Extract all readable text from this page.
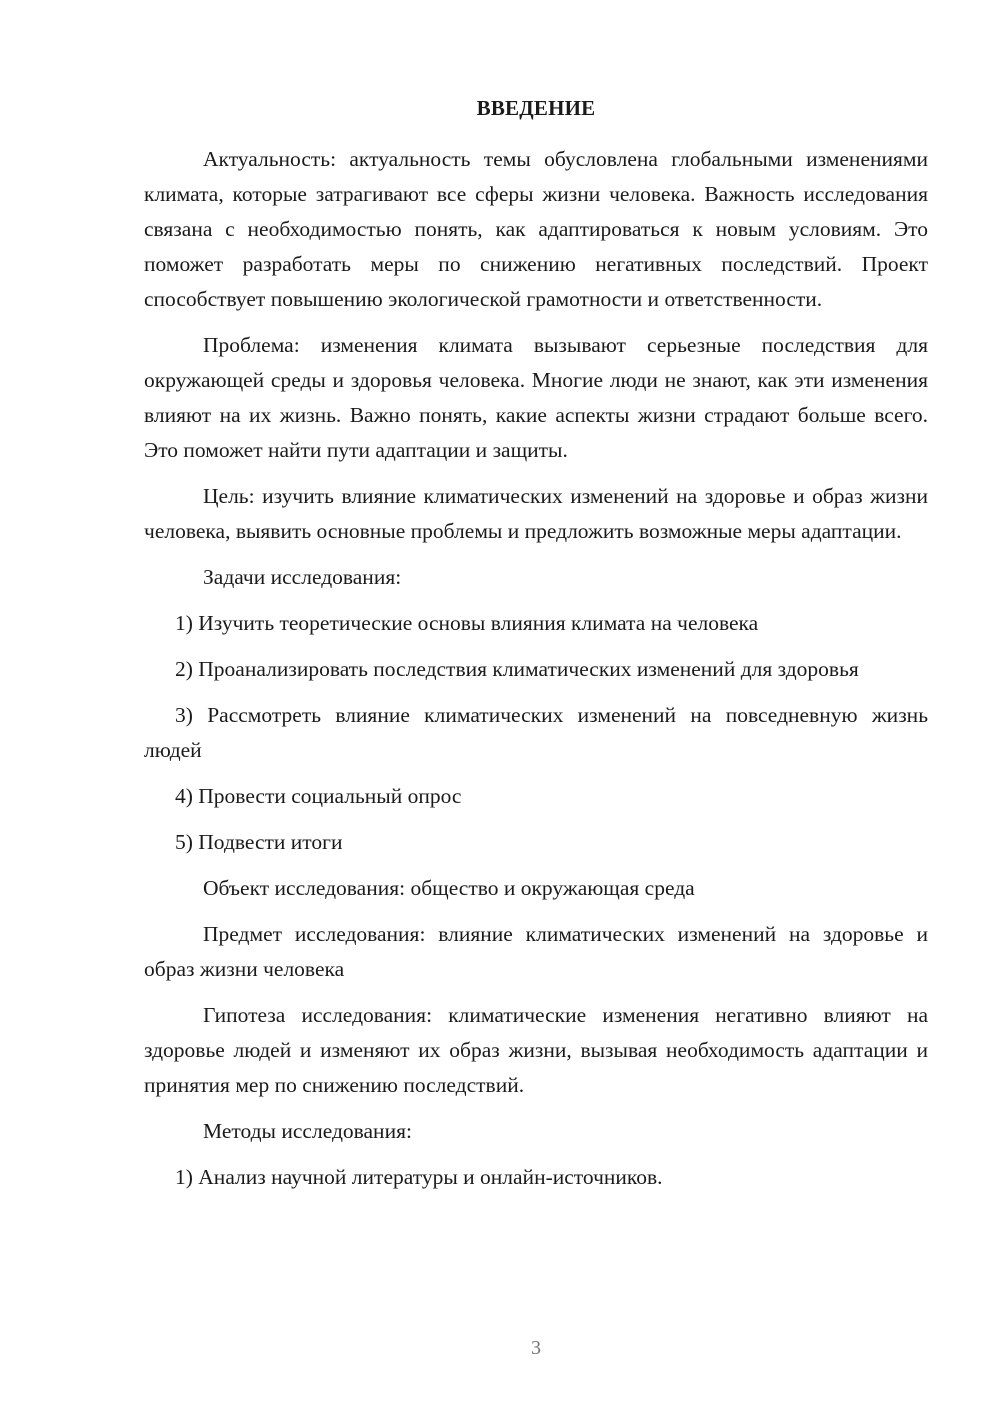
ВВЕДЕНИЕ

Актуальность: актуальность темы обусловлена глобальными изменениями климата, которые затрагивают все сферы жизни человека. Важность исследования связана с необходимостью понять, как адаптироваться к новым условиям. Это поможет разработать меры по снижению негативных последствий. Проект способствует повышению экологической грамотности и ответственности.

Проблема: изменения климата вызывают серьезные последствия для окружающей среды и здоровья человека. Многие люди не знают, как эти изменения влияют на их жизнь. Важно понять, какие аспекты жизни страдают больше всего. Это поможет найти пути адаптации и защиты.

Цель: изучить влияние климатических изменений на здоровье и образ жизни человека, выявить основные проблемы и предложить возможные меры адаптации.

Задачи исследования:

1) Изучить теоретические основы влияния климата на человека

2) Проанализировать последствия климатических изменений для здоровья

3) Рассмотреть влияние климатических изменений на повседневную жизнь людей

4) Провести социальный опрос

5) Подвести итоги

Объект исследования: общество и окружающая среда

Предмет исследования: влияние климатических изменений на здоровье и образ жизни человека

Гипотеза исследования: климатические изменения негативно влияют на здоровье людей и изменяют их образ жизни, вызывая необходимость адаптации и принятия мер по снижению последствий.

Методы исследования:

1) Анализ научной литературы и онлайн-источников.

3
